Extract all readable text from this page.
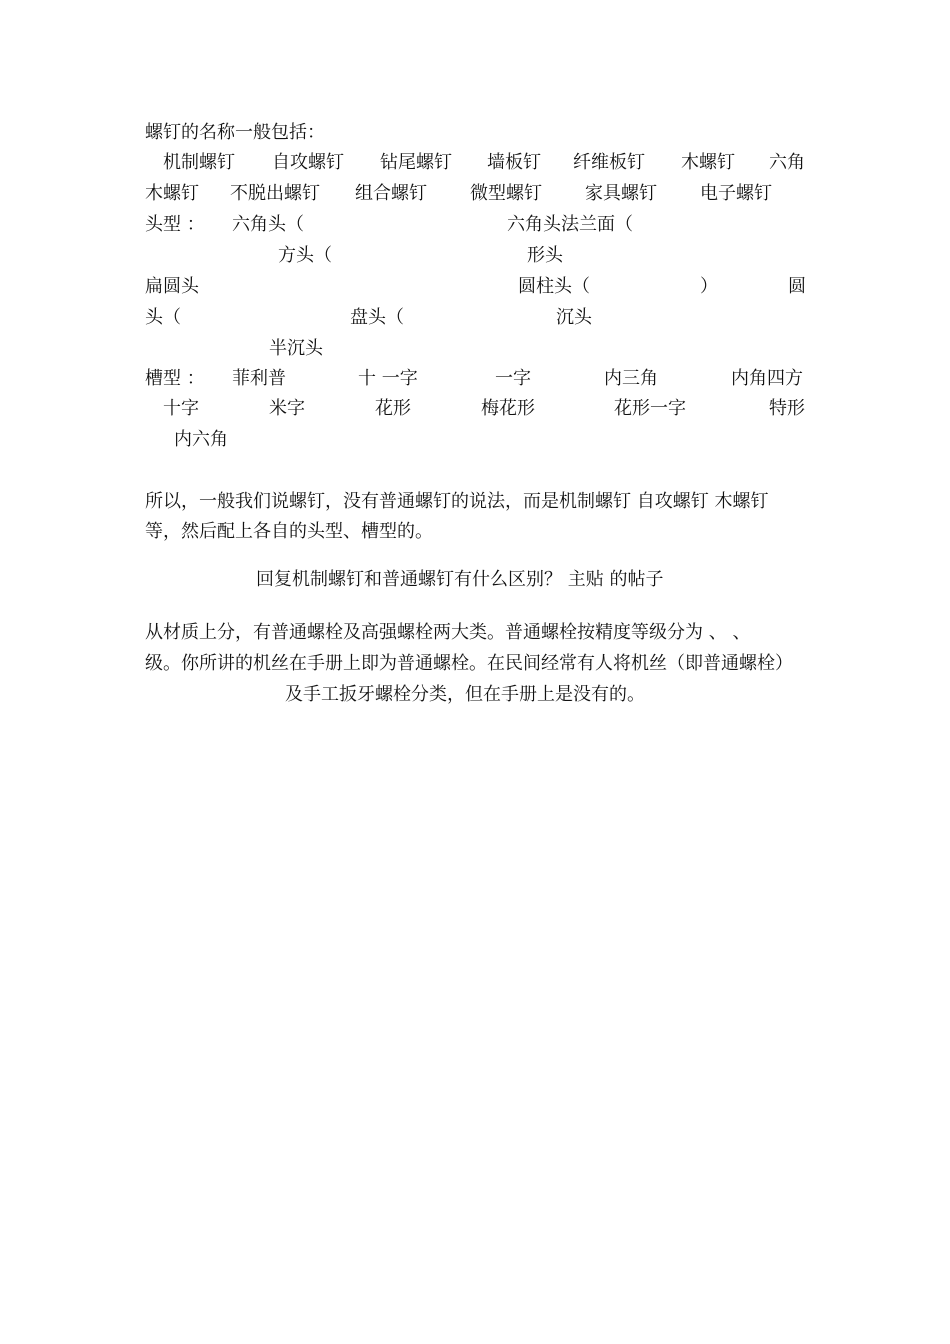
螺钉的名称一般包括：

机制螺钉 自攻螺钉 钻尾螺钉 墙板钉 纤维板钉 木螺钉 六角
木螺钉 不脱出螺钉 组合螺钉 微型螺钉 家具螺钉 电子螺钉
头型 ： 六角头（	六角头法兰面（
方头（	形头
扁圆头	圆柱头（	）	圆
头（	盘头（	沉头
半沉头
槽型 ： 菲利普	十 一字	一字	内三角	内角四方
十字	米字	花形	梅花形	花形一字	特形
内六角

所以，一般我们说螺钉，没有普通螺钉的说法，而是机制螺钉 自攻螺钉 木螺钉

等，然后配上各自的头型、槽型的。

回复机制螺钉和普通螺钉有什么区别？ 主贴 的帖子

从材质上分，有普通螺栓及高强螺栓两大类。普通螺栓按精度等级分为 、 、

级。你所讲的机丝在手册上即为普通螺栓。在民间经常有人将机丝（即普通螺栓）

及手工扳牙螺栓分类，但在手册上是没有的。
